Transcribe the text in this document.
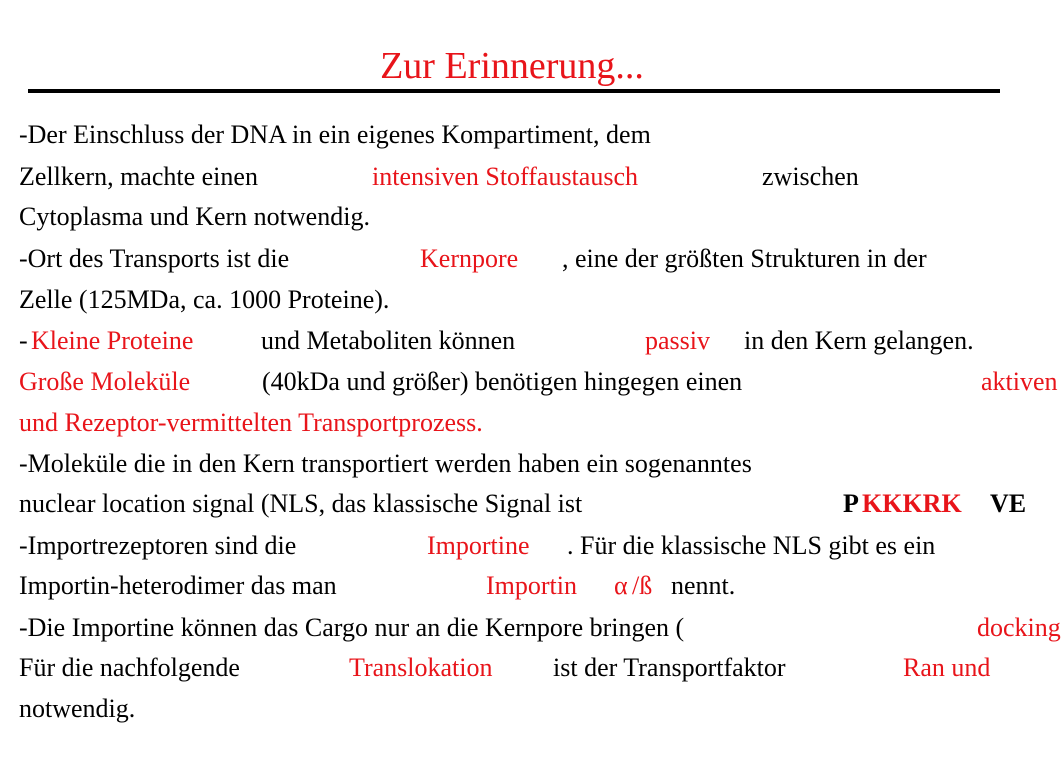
Zur Erinnerung...
-Der Einschluss der DNA in ein eigenes Kompartiment, dem
Zellkern, machte einen	intensiven Stoffaustausch	zwischen
Cytoplasma und Kern notwendig.
-Ort des Transports ist die	Kernpore , eine der größten Strukturen in der
Zelle (125MDa, ca. 1000 Proteine).
- Kleine Proteine	und Metaboliten können	passiv in den Kern gelangen.
Große Moleküle	(40kDa und größer) benötigen hingegen einen	aktiven
und Rezeptor-vermittelten Transportprozess.
-Moleküle die in den Kern transportiert werden haben ein sogenanntes
nuclear location signal (NLS, das klassische Signal ist	P KKKRK VE
-Importrezeptoren sind die	Importine . Für die klassische NLS gibt es ein
Importin-heterodimer das man	Importin α /ß nennt.
-Die Importine können das Cargo nur an die Kernpore bringen (	docking
Für die nachfolgende	Translokation ist der Transportfaktor	Ran und
notwendig.
